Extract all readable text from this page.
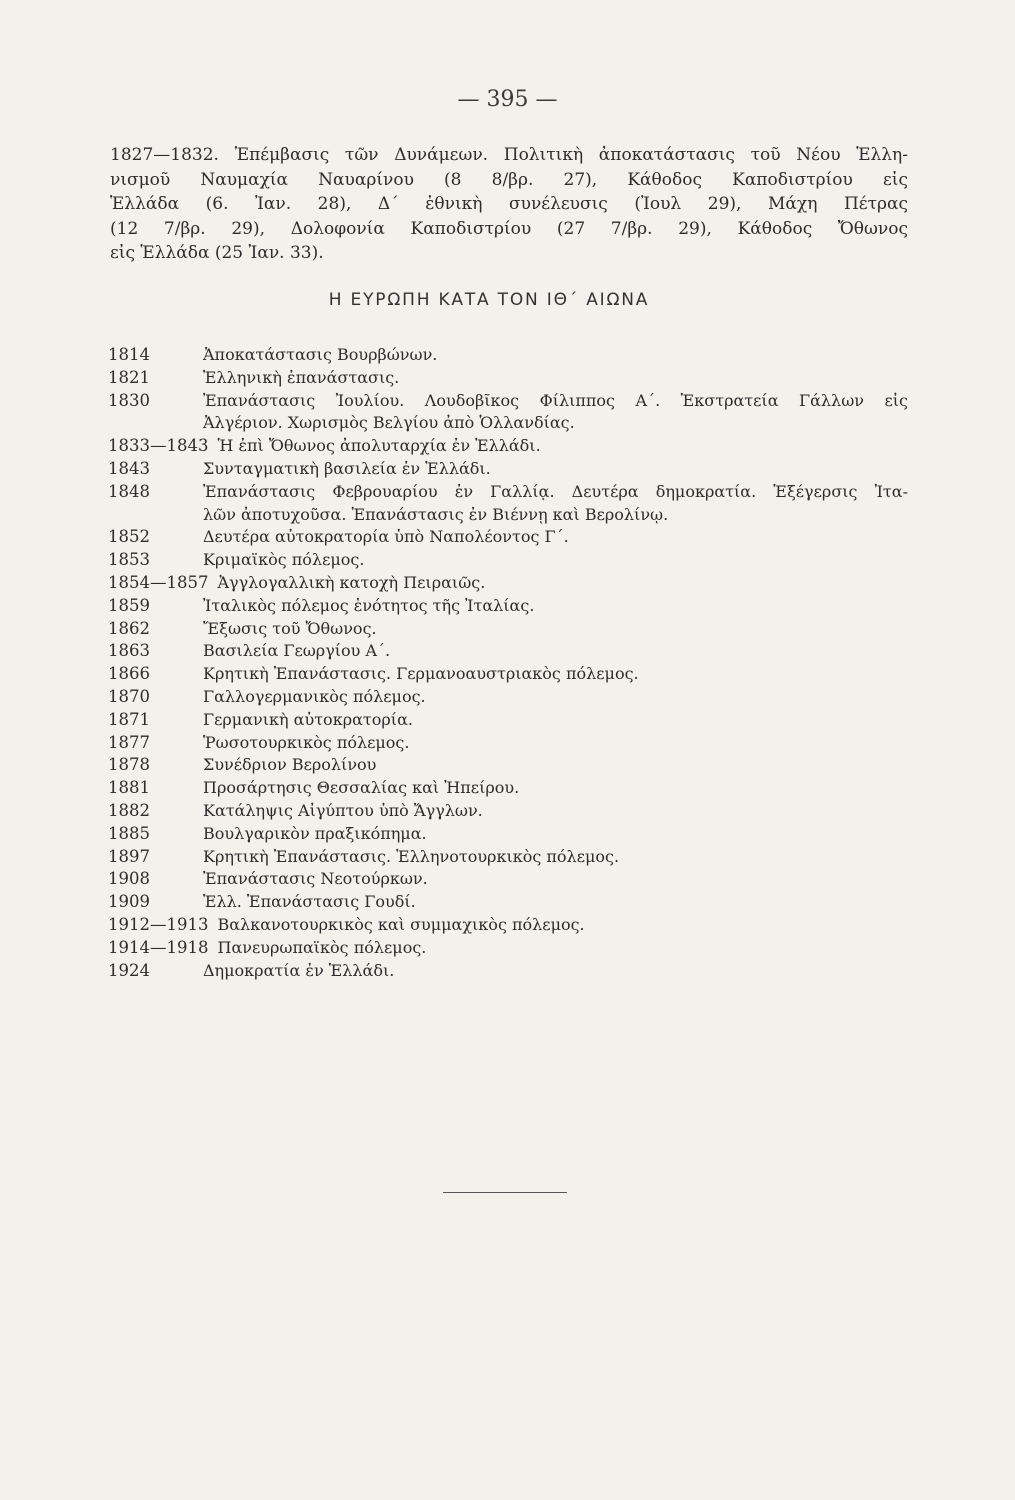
— 395 —
1827—1832. Ἐπέμβασις τῶν Δυνάμεων. Πολιτικὴ ἀποκατάστασις τοῦ Νέου Ἑλλη-
νισμοῦ Ναυμαχία Ναυαρίνου (8 8/βρ. 27), Κάθοδος Καποδιστρίου εἰς
Ἑλλάδα (6. Ἰαν. 28), Δ΄ ἐθνικὴ συνέλευσις (Ἰουλ 29), Μάχη Πέτρας
(12 7/βρ. 29), Δολοφονία Καποδιστρίου (27 7/βρ. 29), Κάθοδος Ὄθωνος
εἰς Ἑλλάδα (25 Ἰαν. 33).
Η ΕΥΡΩΠΗ ΚΑΤΑ ΤΟΝ ΙΘ΄ ΑΙΩΝΑ
1814	Ἀποκατάστασις Βουρβώνων.
1821	Ἑλληνικὴ ἐπανάστασις.
1830	Ἐπανάστασις Ἰουλίου. Λουδοβῖκος Φίλιππος Α΄. Ἐκστρατεία Γάλλων εἰς
Ἀλγέριον. Χωρισμὸς Βελγίου ἀπὸ Ὁλλανδίας.
1833—1843 Ἡ ἐπὶ Ὄθωνος ἀπολυταρχία ἐν Ἑλλάδι.
1843	Συνταγματικὴ βασιλεία ἐν Ἑλλάδι.
1848	Ἐπανάστασις Φεβρουαρίου ἐν Γαλλίᾳ. Δευτέρα δημοκρατία. Ἐξέγερσις Ἰτα-
λῶν ἀποτυχοῦσα. Ἐπανάστασις ἐν Βιέννῃ καὶ Βερολίνῳ.
1852	Δευτέρα αὐτοκρατορία ὑπὸ Ναπολέοντος Γ΄.
1853	Κριμαϊκὸς πόλεμος.
1854—1857 Ἀγγλογαλλικὴ κατοχὴ Πειραιῶς.
1859	Ἰταλικὸς πόλεμος ἑνότητος τῆς Ἰταλίας.
1862	Ἔξωσις τοῦ Ὄθωνος.
1863	Βασιλεία Γεωργίου Α΄.
1866	Κρητικὴ Ἐπανάστασις. Γερμανοαυστριακὸς πόλεμος.
1870	Γαλλογερμανικὸς πόλεμος.
1871	Γερμανικὴ αὐτοκρατορία.
1877	Ῥωσοτουρκικὸς πόλεμος.
1878	Συνέδριον Βερολίνου
1881	Προσάρτησις Θεσσαλίας καὶ Ἠπείρου.
1882	Κατάληψις Αἰγύπτου ὑπὸ Ἄγγλων.
1885	Βουλγαρικὸν πραξικόπημα.
1897	Κρητικὴ Ἐπανάστασις. Ἑλληνοτουρκικὸς πόλεμος.
1908	Ἐπανάστασις Νεοτούρκων.
1909	Ἑλλ. Ἐπανάστασις Γουδί.
1912—1913 Βαλκανοτουρκικὸς καὶ συμμαχικὸς πόλεμος.
1914—1918 Πανευρωπαϊκὸς πόλεμος.
1924	Δημοκρατία ἐν Ἑλλάδι.
